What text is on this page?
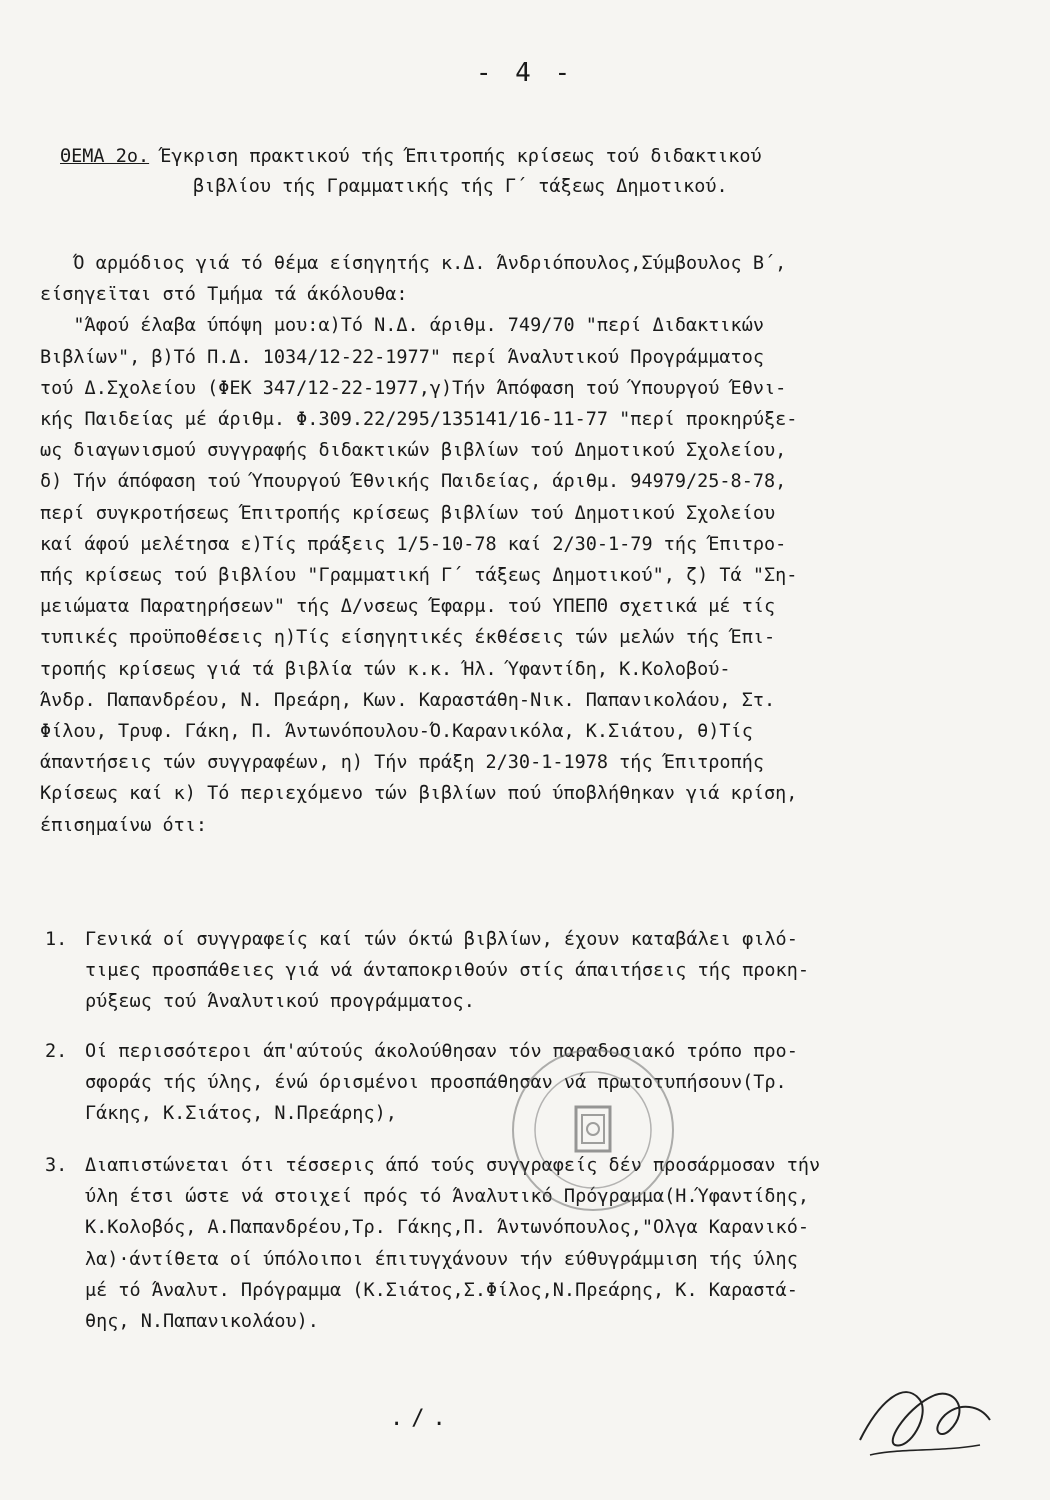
- 4 -
ΘΕΜΑ 2ο. Έγκριση πρακτικού τής Έπιτροπής κρίσεως τού διδακτικού
βιβλίου τής Γραμματικής τής Γ΄ τάξεως Δημοτικού.
Ό αρμόδιος γιά τό θέμα είσηγητής κ.Δ. Άνδριόπουλος,Σύμβουλος Β΄,
είσηγεϊται στό Τμήμα τά άκόλουθα:
"Άφού έλαβα ύπόψη μου:α)Τό Ν.Δ. άριθμ. 749/70 "περί Διδακτικών
Βιβλίων", β)Τό Π.Δ. 1034/12-22-1977" περί Άναλυτικού Προγράμματος
τού Δ.Σχολείου (ΦΕΚ 347/12-22-1977,γ)Τήν Άπόφαση τού Ύπουργού Έθνι-
κής Παιδείας μέ άριθμ. Φ.309.22/295/135141/16-11-77 "περί προκηρύξε-
ως διαγωνισμού συγγραφής διδακτικών βιβλίων τού Δημοτικού Σχολείου,
δ) Τήν άπόφαση τού Ύπουργού Έθνικής Παιδείας, άριθμ. 94979/25-8-78,
περί συγκροτήσεως Έπιτροπής κρίσεως βιβλίων τού Δημοτικού Σχολείου
καί άφού μελέτησα ε)Τίς πράξεις 1/5-10-78 καί 2/30-1-79 τής Έπιτρο-
πής κρίσεως τού βιβλίου "Γραμματική Γ΄ τάξεως Δημοτικού", ζ) Τά "Ση-
μειώματα Παρατηρήσεων" τής Δ/νσεως Έφαρμ. τού ΥΠΕΠΘ σχετικά μέ τίς
τυπικές προϋποθέσεις η)Τίς είσηγητικές έκθέσεις τών μελών τής Έπι-
τροπής κρίσεως γιά τά βιβλία τών κ.κ. Ήλ. Ύφαντίδη, Κ.Κολοβού-
Άνδρ. Παπανδρέου, Ν. Πρεάρη, Κων. Καραστάθη-Νικ. Παπανικολάου, Στ.
Φίλου, Τρυφ. Γάκη, Π. Άντωνόπουλου-Ό.Καρανικόλα, Κ.Σιάτου, θ)Τίς
άπαντήσεις τών συγγραφέων, η) Τήν πράξη 2/30-1-1978 τής Έπιτροπής
Κρίσεως καί κ) Τό περιεχόμενο τών βιβλίων πού ύποβλήθηκαν γιά κρίση,
έπισημαίνω ότι:
1. Γενικά οί συγγραφείς καί τών όκτώ βιβλίων, έχουν καταβάλει φιλό-
τιμες προσπάθειες γιά νά άνταποκριθούν στίς άπαιτήσεις τής προκη-
ρύξεως τού Άναλυτικού προγράμματος.
2. Οί περισσότεροι άπ'αύτούς άκολούθησαν τόν παραδοσιακό τρόπο προ-
σφοράς τής ύλης, ένώ όρισμένοι προσπάθησαν νά πρωτοτυπήσουν(Τρ.
Γάκης, Κ.Σιάτος, Ν.Πρεάρης),
3. Διαπιστώνεται ότι τέσσερις άπό τούς συγγραφείς δέν προσάρμοσαν τήν
ύλη έτσι ώστε νά στοιχεί πρός τό Άναλυτικό Πρόγραμμα(Η.Ύφαντίδης,
Κ.Κολοβός, Α.Παπανδρέου,Τρ. Γάκης,Π. Άντωνόπουλος,"Ολγα Καρανικό-
λα)·άντίθετα οί ύπόλοιποι έπιτυγχάνουν τήν εύθυγράμμιση τής ύλης
μέ τό Άναλυτ. Πρόγραμμα (Κ.Σιάτος,Σ.Φίλος,Ν.Πρεάρης, Κ. Καραστά-
θης, Ν.Παπανικολάου).
./.
